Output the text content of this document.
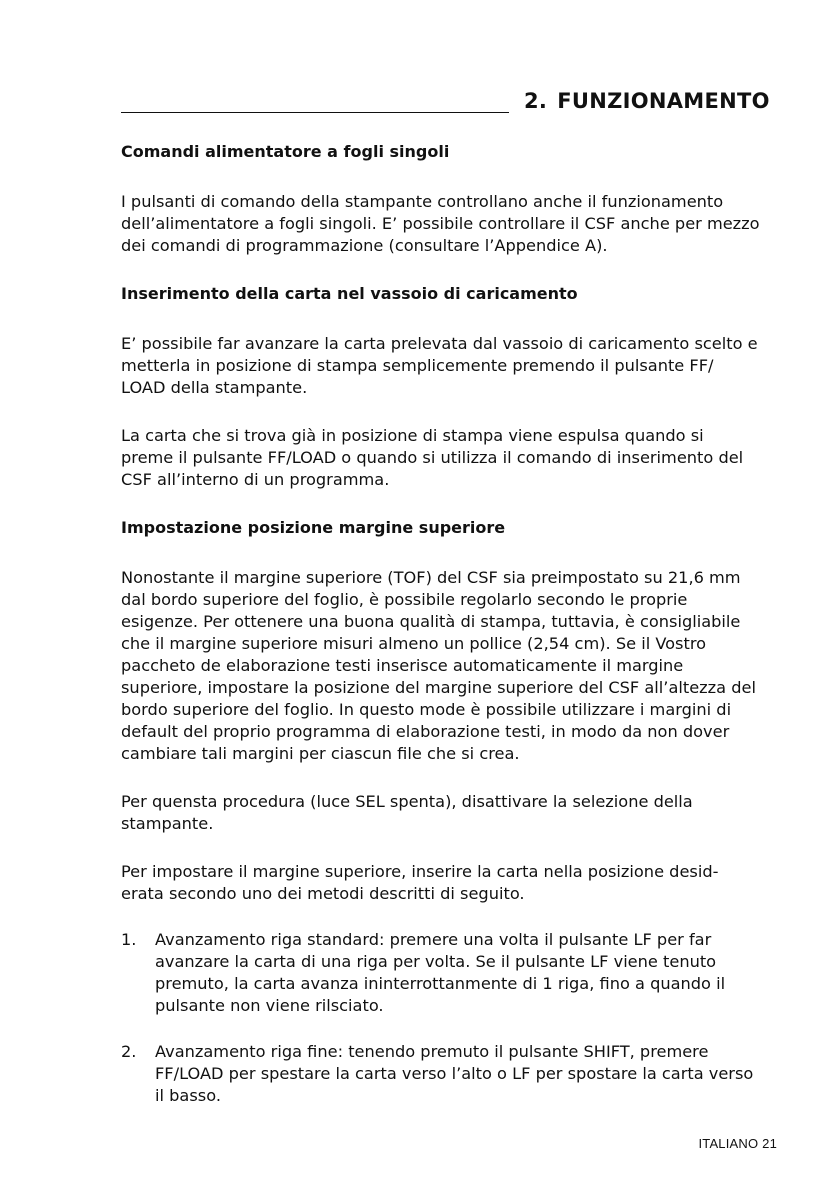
2. FUNZIONAMENTO
Comandi alimentatore a fogli singoli

I pulsanti di comando della stampante controllano anche il funzionamento dell’alimentatore a fogli singoli. E’ possibile controllare il CSF anche per mezzo dei comandi di programmazione (consultare l’Appendice A).

Inserimento della carta nel vassoio di caricamento

E’ possibile far avanzare la carta prelevata dal vassoio di caricamento scelto e metterla in posizione di stampa semplicemente premendo il pulsante FF/ LOAD della stampante.

La carta che si trova già in posizione di stampa viene espulsa quando si preme il pulsante FF/LOAD o quando si utilizza il comando di inserimento del CSF all’interno di un programma.

Impostazione posizione margine superiore

Nonostante il margine superiore (TOF) del CSF sia preimpostato su 21,6 mm dal bordo superiore del foglio, è possibile regolarlo secondo le proprie esigenze. Per ottenere una buona qualità di stampa, tuttavia, è consigliabile che il margine superiore misuri almeno un pollice (2,54 cm). Se il Vostro paccheto de elaborazione testi inserisce automaticamente il margine superiore, impostare la posizione del margine superiore del CSF all’altezza del bordo superiore del foglio. In questo mode è possibile utilizzare i margini di default del proprio programma di elaborazione testi, in modo da non dover cambiare tali margini per ciascun file che si crea.

Per quensta procedura (luce SEL spenta), disattivare la selezione della stampante.

Per impostare il margine superiore, inserire la carta nella posizione desid-erata secondo uno dei metodi descritti di seguito.

1. Avanzamento riga standard: premere una volta il pulsante LF per far avanzare la carta di una riga per volta. Se il pulsante LF viene tenuto premuto, la carta avanza ininterrottanmente di 1 riga, fino a quando il pulsante non viene rilsciato.
2. Avanzamento riga fine: tenendo premuto il pulsante SHIFT, premere FF/LOAD per spestare la carta verso l’alto o LF per spostare la carta verso il basso.
ITALIANO 21
